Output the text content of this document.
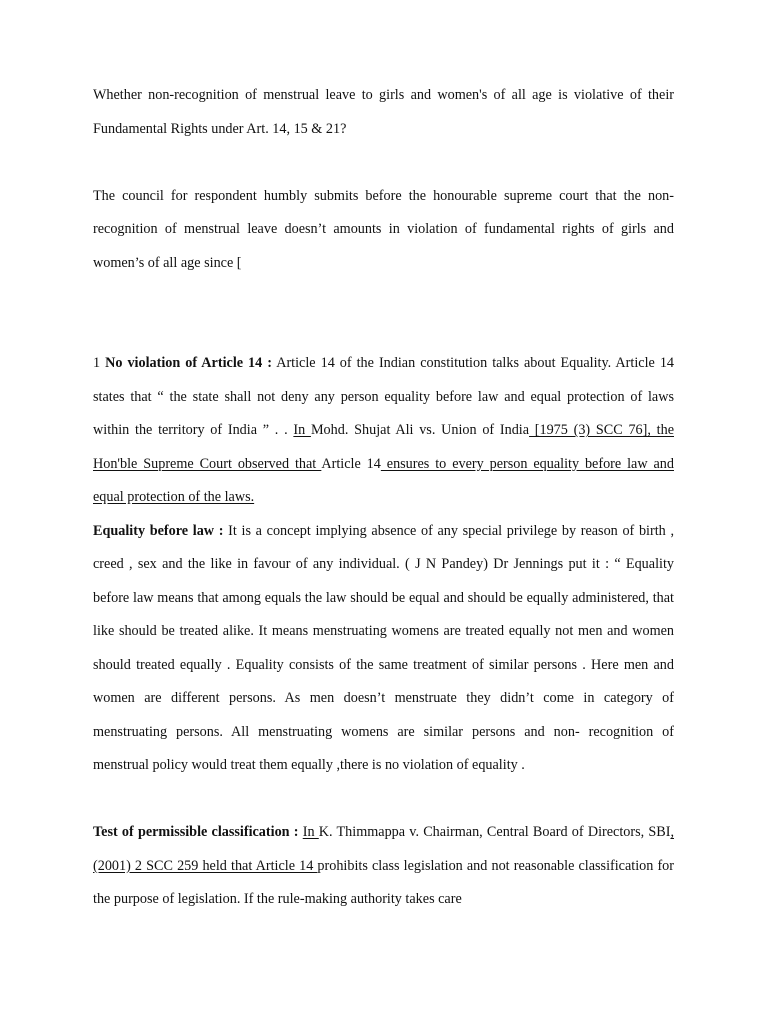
Whether non-recognition of menstrual leave to girls and women's of all age is violative of their Fundamental Rights under Art. 14, 15 & 21?

The council for respondent humbly submits before the honourable supreme court that the non- recognition of menstrual leave doesn’t amounts in violation of fundamental rights of girls and women’s of all age since [

1 No violation of Article 14 : Article 14 of the Indian constitution talks about Equality. Article 14 states that “ the state shall not deny any person equality before law and equal protection of laws within the territory of India ” . . In Mohd. Shujat Ali vs. Union of India [1975 (3) SCC 76], the Hon'ble Supreme Court observed that Article 14 ensures to every person equality before law and equal protection of the laws.

Equality before law : It is a concept implying absence of any special privilege by reason of birth , creed , sex and the like in favour of any individual. ( J N Pandey) Dr Jennings put it : “ Equality before law means that among equals the law should be equal and should be equally administered, that like should be treated alike. It means menstruating womens are treated equally not men and women should treated equally . Equality consists of the same treatment of similar persons . Here men and women are different persons. As men doesn’t menstruate they didn’t come in category of menstruating persons. All menstruating womens are similar persons and non- recognition of menstrual policy would treat them equally ,there is no violation of equality .

Test of permissible classification : In K. Thimmappa v. Chairman, Central Board of Directors, SBI, (2001) 2 SCC 259 held that Article 14 prohibits class legislation and not reasonable classification for the purpose of legislation. If the rule-making authority takes care
